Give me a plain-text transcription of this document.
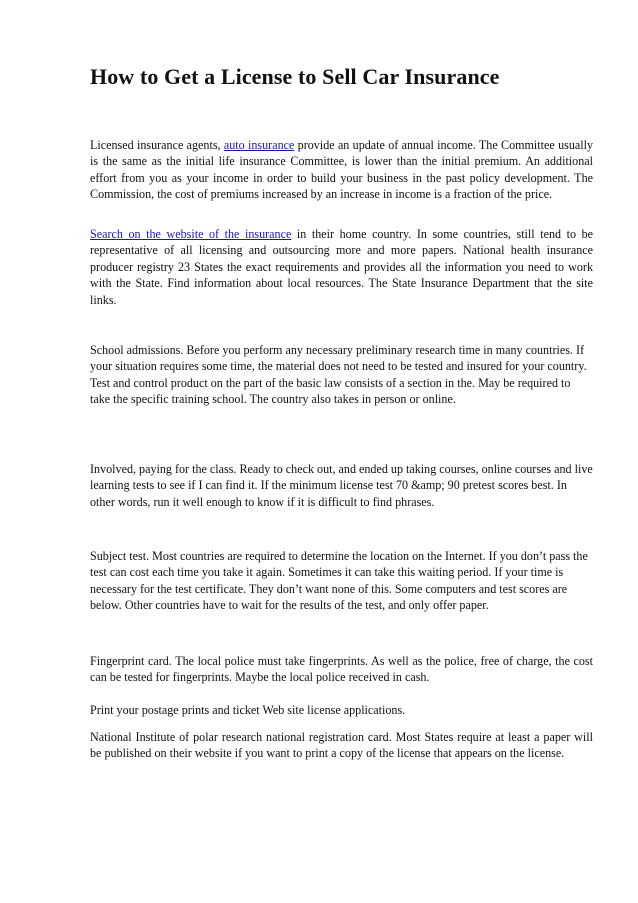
How to Get a License to Sell Car Insurance

Licensed insurance agents, auto insurance provide an update of annual income. The Committee usually is the same as the initial life insurance Committee, is lower than the initial premium. An additional effort from you as your income in order to build your business in the past policy development. The Commission, the cost of premiums increased by an increase in income is a fraction of the price.

Search on the website of the insurance in their home country. In some countries, still tend to be representative of all licensing and outsourcing more and more papers. National health insurance producer registry 23 States the exact requirements and provides all the information you need to work with the State. Find information about local resources. The State Insurance Department that the site links.

School admissions. Before you perform any necessary preliminary research time in many countries. If your situation requires some time, the material does not need to be tested and insured for your country. Test and control product on the part of the basic law consists of a section in the. May be required to take the specific training school. The country also takes in person or online.

Involved, paying for the class. Ready to check out, and ended up taking courses, online courses and live learning tests to see if I can find it. If the minimum license test 70 &amp; 90 pretest scores best. In other words, run it well enough to know if it is difficult to find phrases.

Subject test. Most countries are required to determine the location on the Internet. If you don’t pass the test can cost each time you take it again. Sometimes it can take this waiting period. If your time is necessary for the test certificate. They don’t want none of this. Some computers and test scores are below. Other countries have to wait for the results of the test, and only offer paper.

Fingerprint card. The local police must take fingerprints. As well as the police, free of charge, the cost can be tested for fingerprints. Maybe the local police received in cash.

Print your postage prints and ticket Web site license applications.

National Institute of polar research national registration card. Most States require at least a paper will be published on their website if you want to print a copy of the license that appears on the license.
